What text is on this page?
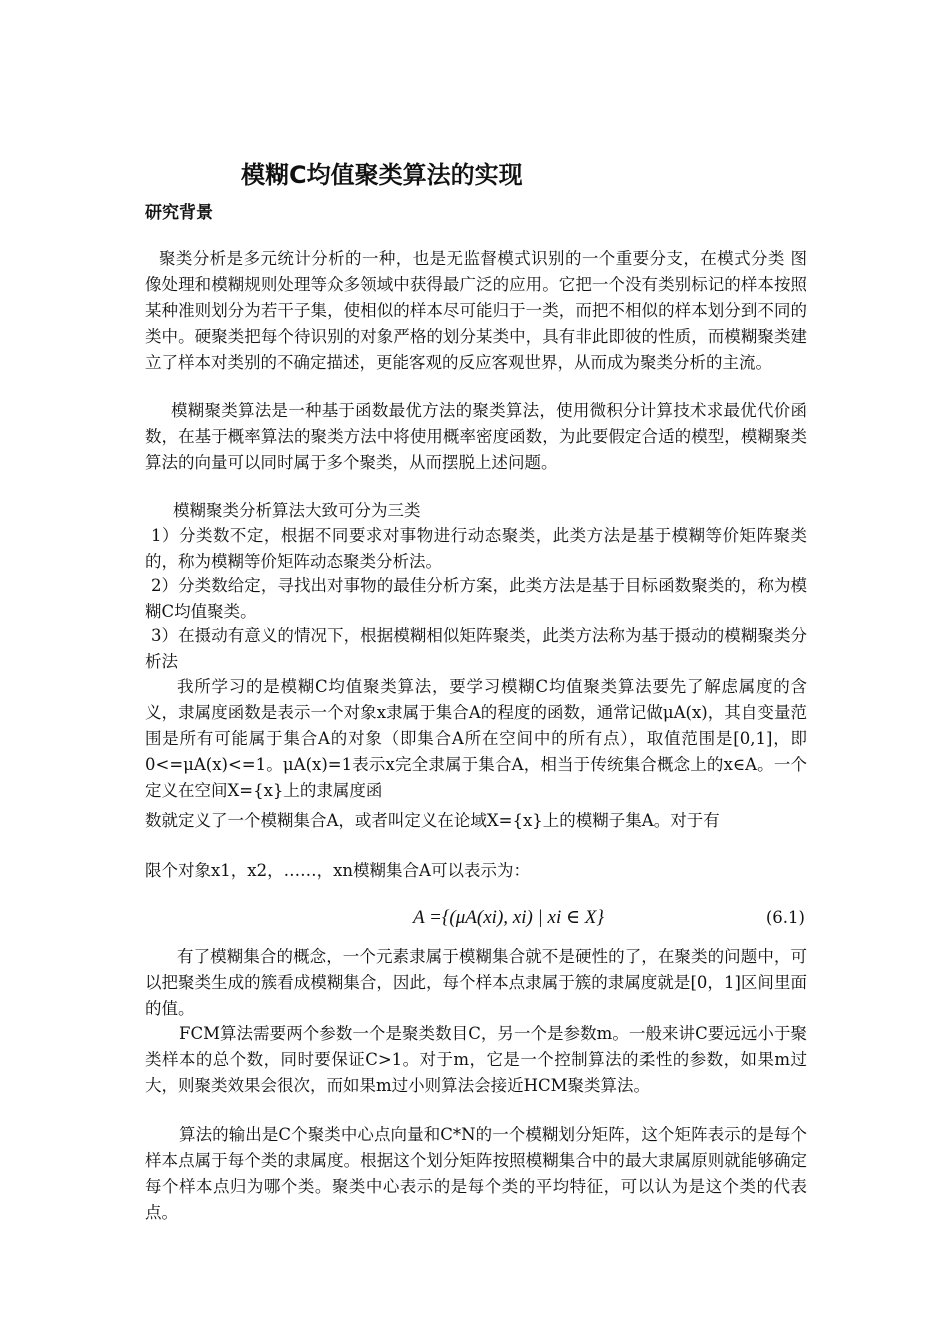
模糊C均值聚类算法的实现
研究背景

聚类分析是多元统计分析的一种，也是无监督模式识别的一个重要分支，在模式分类 图像处理和模糊规则处理等众多领域中获得最广泛的应用。它把一个没有类别标记的样本按照某种准则划分为若干子集，使相似的样本尽可能归于一类，而把不相似的样本划分到不同的类中。硬聚类把每个待识别的对象严格的划分某类中，具有非此即彼的性质，而模糊聚类建立了样本对类别的不确定描述，更能客观的反应客观世界，从而成为聚类分析的主流。

模糊聚类算法是一种基于函数最优方法的聚类算法，使用微积分计算技术求最优代价函数，在基于概率算法的聚类方法中将使用概率密度函数，为此要假定合适的模型，模糊聚类算法的向量可以同时属于多个聚类，从而摆脱上述问题。

模糊聚类分析算法大致可分为三类

1）分类数不定，根据不同要求对事物进行动态聚类，此类方法是基于模糊等价矩阵聚类的，称为模糊等价矩阵动态聚类分析法。

2）分类数给定，寻找出对事物的最佳分析方案，此类方法是基于目标函数聚类的，称为模糊C均值聚类。

3）在摄动有意义的情况下，根据模糊相似矩阵聚类，此类方法称为基于摄动的模糊聚类分析法

我所学习的是模糊C均值聚类算法，要学习模糊C均值聚类算法要先了解虑属度的含义，隶属度函数是表示一个对象x隶属于集合A的程度的函数，通常记做μA(x)，其自变量范围是所有可能属于集合A的对象（即集合A所在空间中的所有点），取值范围是[0,1]，即0<=μA(x)<=1。μA(x)=1表示x完全隶属于集合A，相当于传统集合概念上的x∈A。一个定义在空间X={x}上的隶属度函

数就定义了一个模糊集合A，或者叫定义在论域X={x}上的模糊子集A。对于有

限个对象x1，x2，……，xn模糊集合A可以表示为：

A ={(μA(xi), xi) | xi ∈ X}	(6.1)

有了模糊集合的概念，一个元素隶属于模糊集合就不是硬性的了，在聚类的问题中，可以把聚类生成的簇看成模糊集合，因此，每个样本点隶属于簇的隶属度就是[0，1]区间里面的值。

FCM算法需要两个参数一个是聚类数目C，另一个是参数m。一般来讲C要远远小于聚类样本的总个数，同时要保证C>1。对于m，它是一个控制算法的柔性的参数，如果m过大，则聚类效果会很次，而如果m过小则算法会接近HCM聚类算法。

算法的输出是C个聚类中心点向量和C*N的一个模糊划分矩阵，这个矩阵表示的是每个样本点属于每个类的隶属度。根据这个划分矩阵按照模糊集合中的最大隶属原则就能够确定每个样本点归为哪个类。聚类中心表示的是每个类的平均特征，可以认为是这个类的代表点。
